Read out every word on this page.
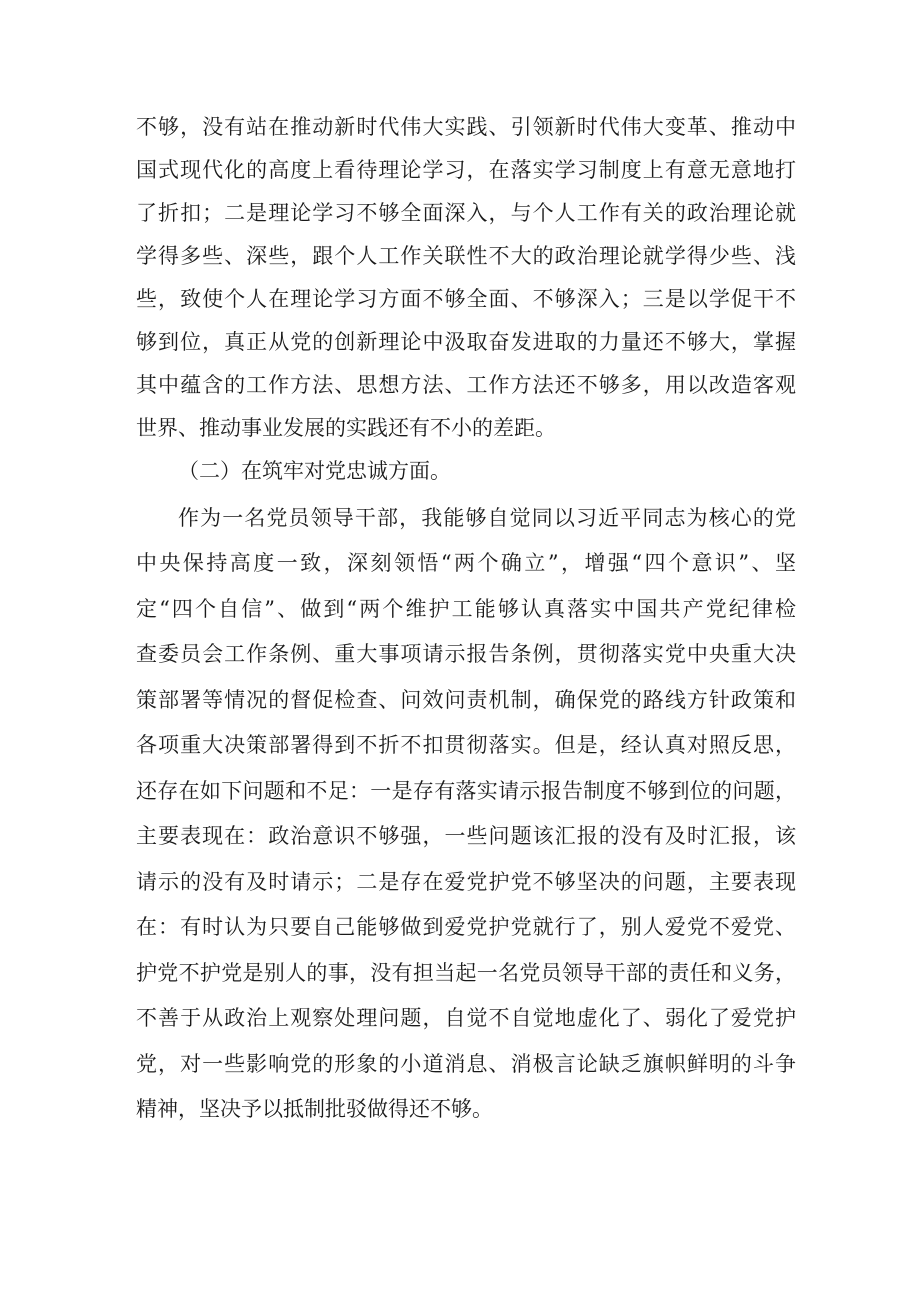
不够，没有站在推动新时代伟大实践、引领新时代伟大变革、推动中
国式现代化的高度上看待理论学习，在落实学习制度上有意无意地打
了折扣；二是理论学习不够全面深入，与个人工作有关的政治理论就
学得多些、深些，跟个人工作关联性不大的政治理论就学得少些、浅
些，致使个人在理论学习方面不够全面、不够深入；三是以学促干不
够到位，真正从党的创新理论中汲取奋发进取的力量还不够大，掌握
其中蕴含的工作方法、思想方法、工作方法还不够多，用以改造客观
世界、推动事业发展的实践还有不小的差距。
（二）在筑牢对党忠诚方面。
作为一名党员领导干部，我能够自觉同以习近平同志为核心的党
中央保持高度一致，深刻领悟“两个确立”，增强“四个意识”、坚
定“四个自信”、做到“两个维护工能够认真落实中国共产党纪律检
查委员会工作条例、重大事项请示报告条例，贯彻落实党中央重大决
策部署等情况的督促检查、问效问责机制，确保党的路线方针政策和
各项重大决策部署得到不折不扣贯彻落实。但是，经认真对照反思，
还存在如下问题和不足：一是存有落实请示报告制度不够到位的问题，
主要表现在：政治意识不够强，一些问题该汇报的没有及时汇报，该
请示的没有及时请示；二是存在爱党护党不够坚决的问题，主要表现
在：有时认为只要自己能够做到爱党护党就行了，别人爱党不爱党、
护党不护党是别人的事，没有担当起一名党员领导干部的责任和义务，
不善于从政治上观察处理问题，自觉不自觉地虚化了、弱化了爱党护
党，对一些影响党的形象的小道消息、消极言论缺乏旗帜鲜明的斗争
精神，坚决予以抵制批驳做得还不够。
